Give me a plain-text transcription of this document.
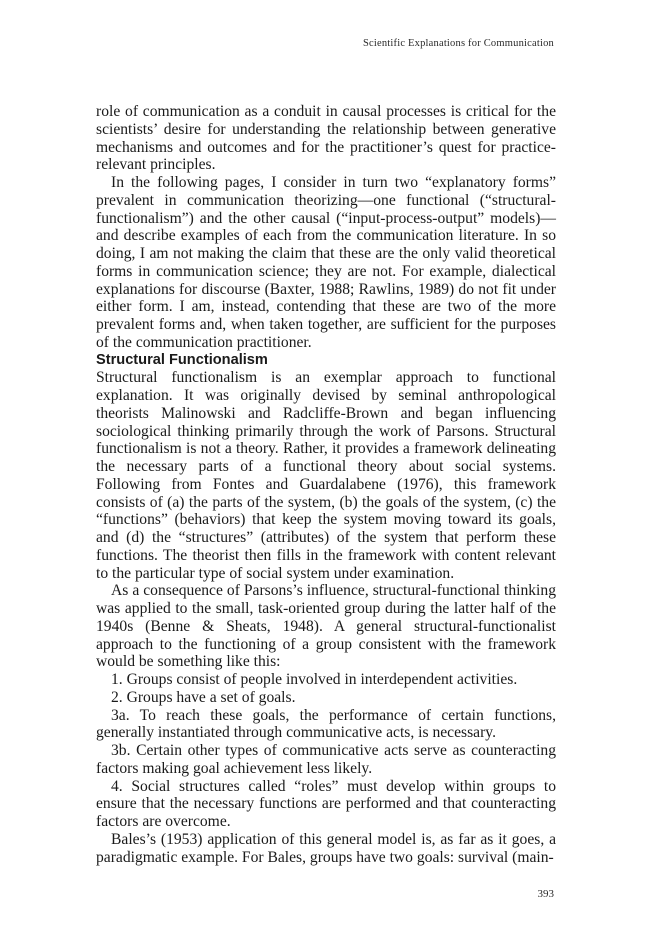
Scientific Explanations for Communication

role of communication as a conduit in causal processes is critical for the scientists’ desire for understanding the relationship between generative mechanisms and outcomes and for the practitioner’s quest for practice-relevant principles.

In the following pages, I consider in turn two “explanatory forms” prevalent in communication theorizing—one functional (“structural-functionalism”) and the other causal (“input-process-output” models)—and describe examples of each from the communication literature. In so doing, I am not making the claim that these are the only valid theoretical forms in communication science; they are not. For example, dialectical explanations for discourse (Baxter, 1988; Rawlins, 1989) do not fit under either form. I am, instead, contending that these are two of the more prevalent forms and, when taken together, are sufficient for the purposes of the communication practitioner.

Structural Functionalism

Structural functionalism is an exemplar approach to functional explanation. It was originally devised by seminal anthropological theorists Malinowski and Radcliffe-Brown and began influencing sociological thinking primarily through the work of Parsons. Structural functionalism is not a theory. Rather, it provides a framework delineating the necessary parts of a functional theory about social systems. Following from Fontes and Guardalabene (1976), this framework consists of (a) the parts of the system, (b) the goals of the system, (c) the “functions” (behaviors) that keep the system moving toward its goals, and (d) the “structures” (attributes) of the system that perform these functions. The theorist then fills in the framework with content relevant to the particular type of social system under examination.

As a consequence of Parsons’s influence, structural-functional thinking was applied to the small, task-oriented group during the latter half of the 1940s (Benne & Sheats, 1948). A general structural-functionalist approach to the functioning of a group consistent with the framework would be something like this:

1. Groups consist of people involved in interdependent activities.

2. Groups have a set of goals.

3a. To reach these goals, the performance of certain functions, generally instantiated through communicative acts, is necessary.

3b. Certain other types of communicative acts serve as counteracting factors making goal achievement less likely.

4. Social structures called “roles” must develop within groups to ensure that the necessary functions are performed and that counteracting factors are overcome.

Bales’s (1953) application of this general model is, as far as it goes, a paradigmatic example. For Bales, groups have two goals: survival (main-

393
